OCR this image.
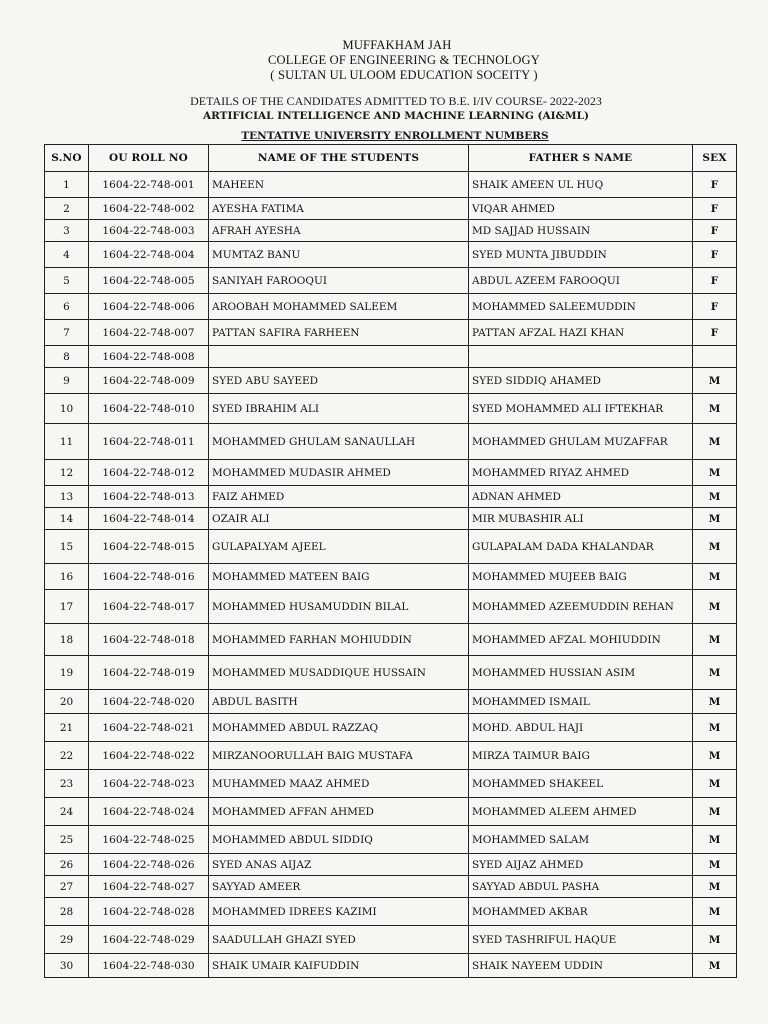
MUFFAKHAM JAH
COLLEGE OF ENGINEERING & TECHNOLOGY
( SULTAN UL ULOOM EDUCATION SOCEITY )
DETAILS OF THE CANDIDATES ADMITTED TO B.E. I/IV COURSE- 2022-2023
ARTIFICIAL INTELLIGENCE AND MACHINE LEARNING (AI&ML)
TENTATIVE UNIVERSITY ENROLLMENT NUMBERS
S.NO	OU ROLL NO	NAME OF THE STUDENTS	FATHER S NAME	SEX
1	1604-22-748-001	MAHEEN	SHAIK AMEEN UL HUQ	F
2	1604-22-748-002	AYESHA FATIMA	VIQAR AHMED	F
3	1604-22-748-003	AFRAH AYESHA	MD SAJJAD HUSSAIN	F
4	1604-22-748-004	MUMTAZ BANU	SYED MUNTA JIBUDDIN	F
5	1604-22-748-005	SANIYAH FAROOQUI	ABDUL AZEEM FAROOQUI	F
6	1604-22-748-006	AROOBAH MOHAMMED SALEEM	MOHAMMED SALEEMUDDIN	F
7	1604-22-748-007	PATTAN SAFIRA FARHEEN	PATTAN AFZAL HAZI KHAN	F
8	1604-22-748-008			
9	1604-22-748-009	SYED ABU SAYEED	SYED SIDDIQ AHAMED	M
10	1604-22-748-010	SYED IBRAHIM ALI	SYED MOHAMMED ALI IFTEKHAR	M
11	1604-22-748-011	MOHAMMED GHULAM SANAULLAH	MOHAMMED GHULAM MUZAFFAR	M
12	1604-22-748-012	MOHAMMED MUDASIR AHMED	MOHAMMED RIYAZ AHMED	M
13	1604-22-748-013	FAIZ AHMED	ADNAN AHMED	M
14	1604-22-748-014	OZAIR ALI	MIR MUBASHIR ALI	M
15	1604-22-748-015	GULAPALYAM AJEEL	GULAPALAM DADA KHALANDAR	M
16	1604-22-748-016	MOHAMMED MATEEN BAIG	MOHAMMED MUJEEB BAIG	M
17	1604-22-748-017	MOHAMMED HUSAMUDDIN BILAL	MOHAMMED AZEEMUDDIN REHAN	M
18	1604-22-748-018	MOHAMMED FARHAN MOHIUDDIN	MOHAMMED AFZAL MOHIUDDIN	M
19	1604-22-748-019	MOHAMMED MUSADDIQUE HUSSAIN	MOHAMMED HUSSIAN ASIM	M
20	1604-22-748-020	ABDUL BASITH	MOHAMMED ISMAIL	M
21	1604-22-748-021	MOHAMMED ABDUL RAZZAQ	MOHD. ABDUL HAJI	M
22	1604-22-748-022	MIRZANOORULLAH BAIG MUSTAFA	MIRZA TAIMUR BAIG	M
23	1604-22-748-023	MUHAMMED MAAZ AHMED	MOHAMMED SHAKEEL	M
24	1604-22-748-024	MOHAMMED AFFAN AHMED	MOHAMMED ALEEM AHMED	M
25	1604-22-748-025	MOHAMMED ABDUL SIDDIQ	MOHAMMED SALAM	M
26	1604-22-748-026	SYED ANAS AIJAZ	SYED AIJAZ AHMED	M
27	1604-22-748-027	SAYYAD AMEER	SAYYAD ABDUL PASHA	M
28	1604-22-748-028	MOHAMMED IDREES KAZIMI	MOHAMMED AKBAR	M
29	1604-22-748-029	SAADULLAH GHAZI SYED	SYED TASHRIFUL HAQUE	M
30	1604-22-748-030	SHAIK UMAIR KAIFUDDIN	SHAIK NAYEEM UDDIN	M
